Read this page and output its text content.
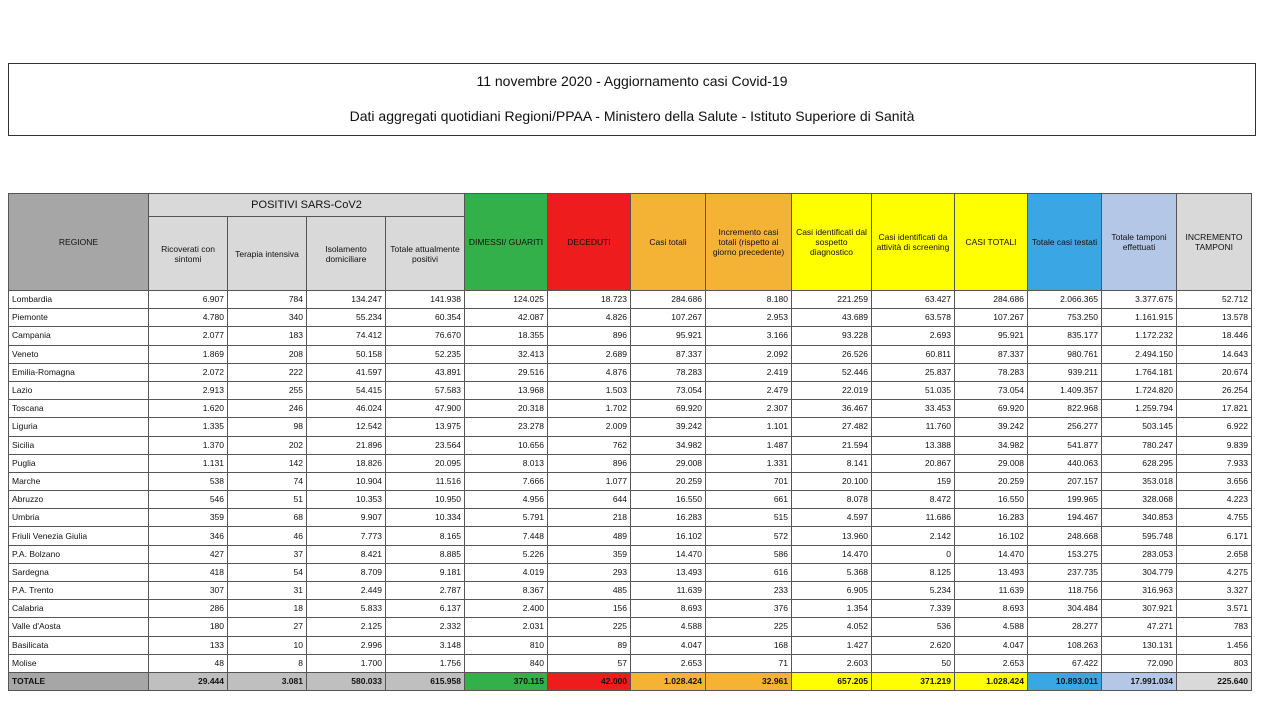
11 novembre 2020 - Aggiornamento casi Covid-19
Dati aggregati quotidiani Regioni/PPAA - Ministero della Salute - Istituto Superiore di Sanità
REGIONE	POSITIVI SARS-CoV2				DIMESSI/ GUARITI	DECEDUTI	Casi totali	Incremento casi totali (rispetto al giorno precedente)	Casi identificati dal sospetto diagnostico	Casi identificati da attività di screening	CASI TOTALI	Totale casi testati	Totale tamponi effettuati	INCREMENTO TAMPONI
	Ricoverati con sintomi	Terapia intensiva	Isolamento domiciliare	Totale attualmente positivi										
Lombardia	6.907	784	134.247	141.938	124.025	18.723	284.686	8.180	221.259	63.427	284.686	2.066.365	3.377.675	52.712
Piemonte	4.780	340	55.234	60.354	42.087	4.826	107.267	2.953	43.689	63.578	107.267	753.250	1.161.915	13.578
Campania	2.077	183	74.412	76.670	18.355	896	95.921	3.166	93.228	2.693	95.921	835.177	1.172.232	18.446
Veneto	1.869	208	50.158	52.235	32.413	2.689	87.337	2.092	26.526	60.811	87.337	980.761	2.494.150	14.643
Emilia-Romagna	2.072	222	41.597	43.891	29.516	4.876	78.283	2.419	52.446	25.837	78.283	939.211	1.764.181	20.674
Lazio	2.913	255	54.415	57.583	13.968	1.503	73.054	2.479	22.019	51.035	73.054	1.409.357	1.724.820	26.254
Toscana	1.620	246	46.024	47.900	20.318	1.702	69.920	2.307	36.467	33.453	69.920	822.968	1.259.794	17.821
Liguria	1.335	98	12.542	13.975	23.278	2.009	39.242	1.101	27.482	11.760	39.242	256.277	503.145	6.922
Sicilia	1.370	202	21.896	23.564	10.656	762	34.982	1.487	21.594	13.388	34.982	541.877	780.247	9.839
Puglia	1.131	142	18.826	20.095	8.013	896	29.008	1.331	8.141	20.867	29.008	440.063	628.295	7.933
Marche	538	74	10.904	11.516	7.666	1.077	20.259	701	20.100	159	20.259	207.157	353.018	3.656
Abruzzo	546	51	10.353	10.950	4.956	644	16.550	661	8.078	8.472	16.550	199.965	328.068	4.223
Umbria	359	68	9.907	10.334	5.791	218	16.283	515	4.597	11.686	16.283	194.467	340.853	4.755
Friuli Venezia Giulia	346	46	7.773	8.165	7.448	489	16.102	572	13.960	2.142	16.102	248.668	595.748	6.171
P.A. Bolzano	427	37	8.421	8.885	5.226	359	14.470	586	14.470	0	14.470	153.275	283.053	2.658
Sardegna	418	54	8.709	9.181	4.019	293	13.493	616	5.368	8.125	13.493	237.735	304.779	4.275
P.A. Trento	307	31	2.449	2.787	8.367	485	11.639	233	6.905	5.234	11.639	118.756	316.963	3.327
Calabria	286	18	5.833	6.137	2.400	156	8.693	376	1.354	7.339	8.693	304.484	307.921	3.571
Valle d'Aosta	180	27	2.125	2.332	2.031	225	4.588	225	4.052	536	4.588	28.277	47.271	783
Basilicata	133	10	2.996	3.148	810	89	4.047	168	1.427	2.620	4.047	108.263	130.131	1.456
Molise	48	8	1.700	1.756	840	57	2.653	71	2.603	50	2.653	67.422	72.090	803
TOTALE	29.444	3.081	580.033	615.958	370.115	42.000	1.028.424	32.961	657.205	371.219	1.028.424	10.893.011	17.991.034	225.640
